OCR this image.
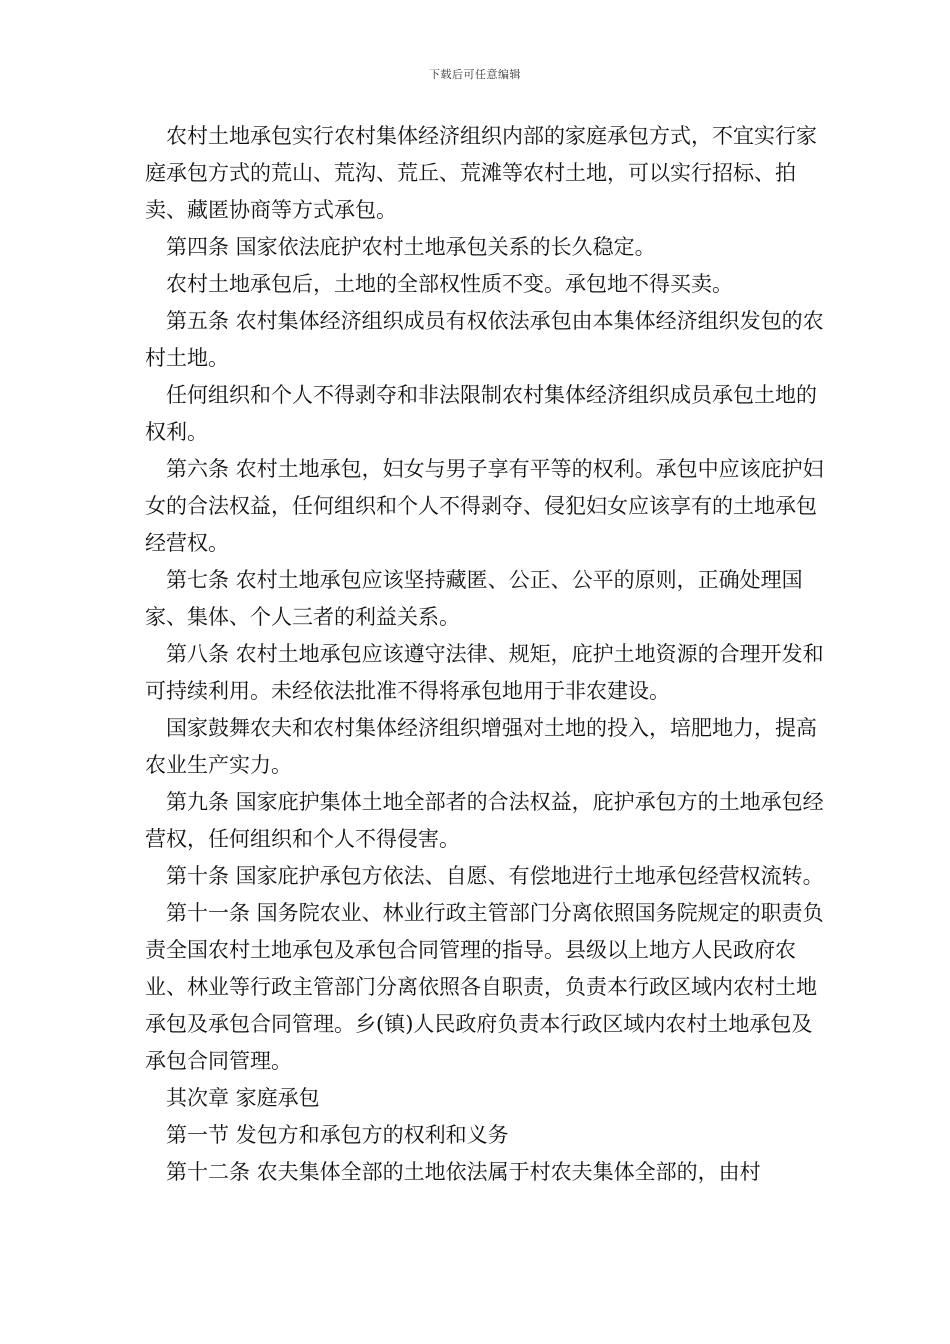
下载后可任意编辑

农村土地承包实行农村集体经济组织内部的家庭承包方式，不宜实行家庭承包方式的荒山、荒沟、荒丘、荒滩等农村土地，可以实行招标、拍卖、藏匿协商等方式承包。

第四条 国家依法庇护农村土地承包关系的长久稳定。

农村土地承包后，土地的全部权性质不变。承包地不得买卖。

第五条 农村集体经济组织成员有权依法承包由本集体经济组织发包的农村土地。

任何组织和个人不得剥夺和非法限制农村集体经济组织成员承包土地的权利。

第六条 农村土地承包，妇女与男子享有平等的权利。承包中应该庇护妇女的合法权益，任何组织和个人不得剥夺、侵犯妇女应该享有的土地承包经营权。

第七条 农村土地承包应该坚持藏匿、公正、公平的原则，正确处理国家、集体、个人三者的利益关系。

第八条 农村土地承包应该遵守法律、规矩，庇护土地资源的合理开发和可持续利用。未经依法批准不得将承包地用于非农建设。

国家鼓舞农夫和农村集体经济组织增强对土地的投入，培肥地力，提高农业生产实力。

第九条 国家庇护集体土地全部者的合法权益，庇护承包方的土地承包经营权，任何组织和个人不得侵害。

第十条 国家庇护承包方依法、自愿、有偿地进行土地承包经营权流转。

第十一条 国务院农业、林业行政主管部门分离依照国务院规定的职责负责全国农村土地承包及承包合同管理的指导。县级以上地方人民政府农业、林业等行政主管部门分离依照各自职责，负责本行政区域内农村土地承包及承包合同管理。乡(镇)人民政府负责本行政区域内农村土地承包及承包合同管理。

其次章 家庭承包

第一节 发包方和承包方的权利和义务

第十二条 农夫集体全部的土地依法属于村农夫集体全部的，由村
